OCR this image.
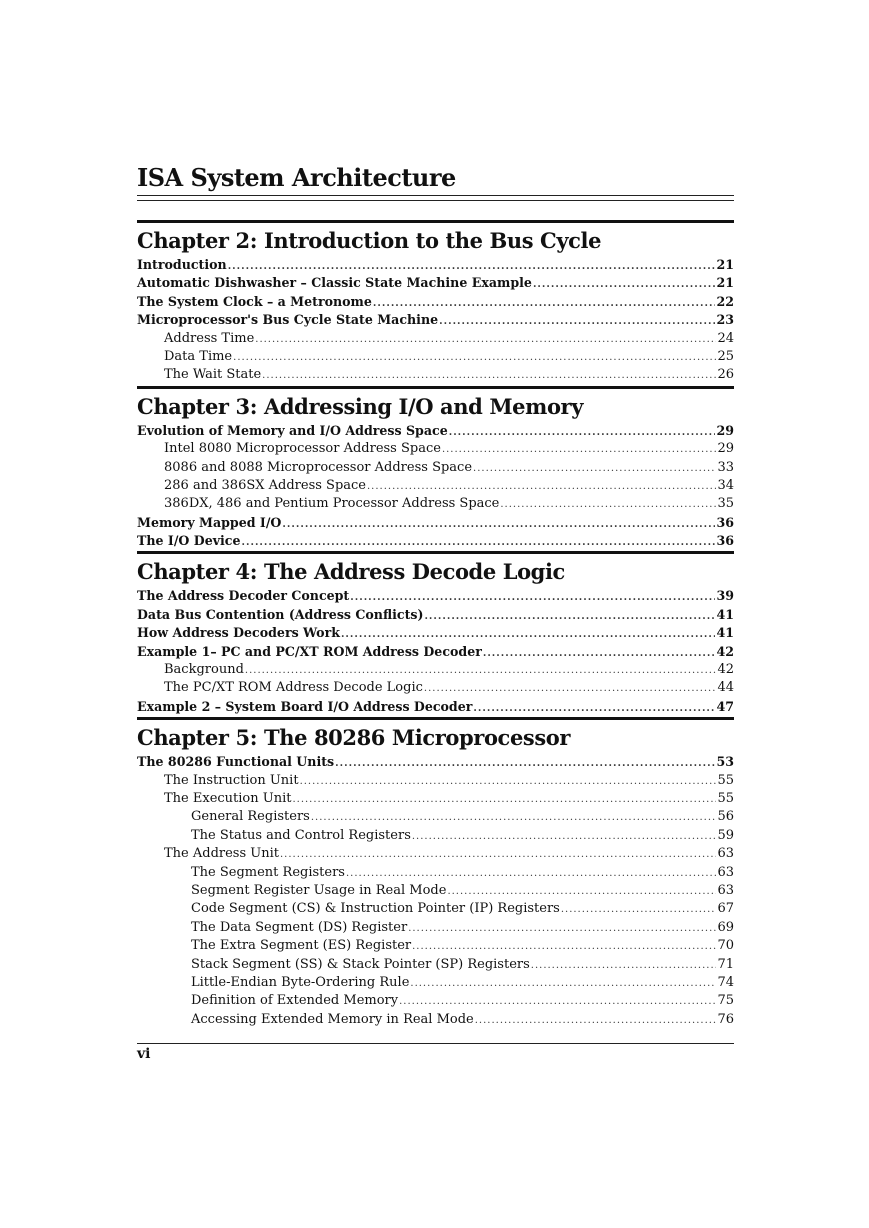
ISA System Architecture
Chapter 2: Introduction to the Bus Cycle
Introduction .....	21
Automatic Dishwasher – Classic State Machine Example .....	21
The System Clock – a Metronome .....	22
Microprocessor's Bus Cycle State Machine .....	23
Address Time .....	24
Data Time .....	25
The Wait State .....	26
Chapter 3: Addressing I/O and Memory
Evolution of Memory and I/O Address Space .....	29
Intel 8080 Microprocessor Address Space .....	29
8086 and 8088 Microprocessor Address Space .....	33
286 and 386SX Address Space .....	34
386DX, 486 and Pentium Processor Address Space .....	35
Memory Mapped I/O .....	36
The I/O Device .....	36
Chapter 4: The Address Decode Logic
The Address Decoder Concept .....	39
Data Bus Contention (Address Conflicts) .....	41
How Address Decoders Work .....	41
Example 1– PC and PC/XT ROM Address Decoder .....	42
Background .....	42
The PC/XT ROM Address Decode Logic .....	44
Example 2 – System Board I/O Address Decoder .....	47
Chapter 5: The 80286 Microprocessor
The 80286 Functional Units .....	53
The Instruction Unit .....	55
The Execution Unit .....	55
General Registers .....	56
The Status and Control Registers .....	59
The Address Unit .....	63
The Segment Registers .....	63
Segment Register Usage in Real Mode .....	63
Code Segment (CS) & Instruction Pointer (IP) Registers .....	67
The Data Segment (DS) Register .....	69
The Extra Segment (ES) Register .....	70
Stack Segment (SS) & Stack Pointer (SP) Registers .....	71
Little-Endian Byte-Ordering Rule .....	74
Definition of Extended Memory .....	75
Accessing Extended Memory in Real Mode .....	76
vi
